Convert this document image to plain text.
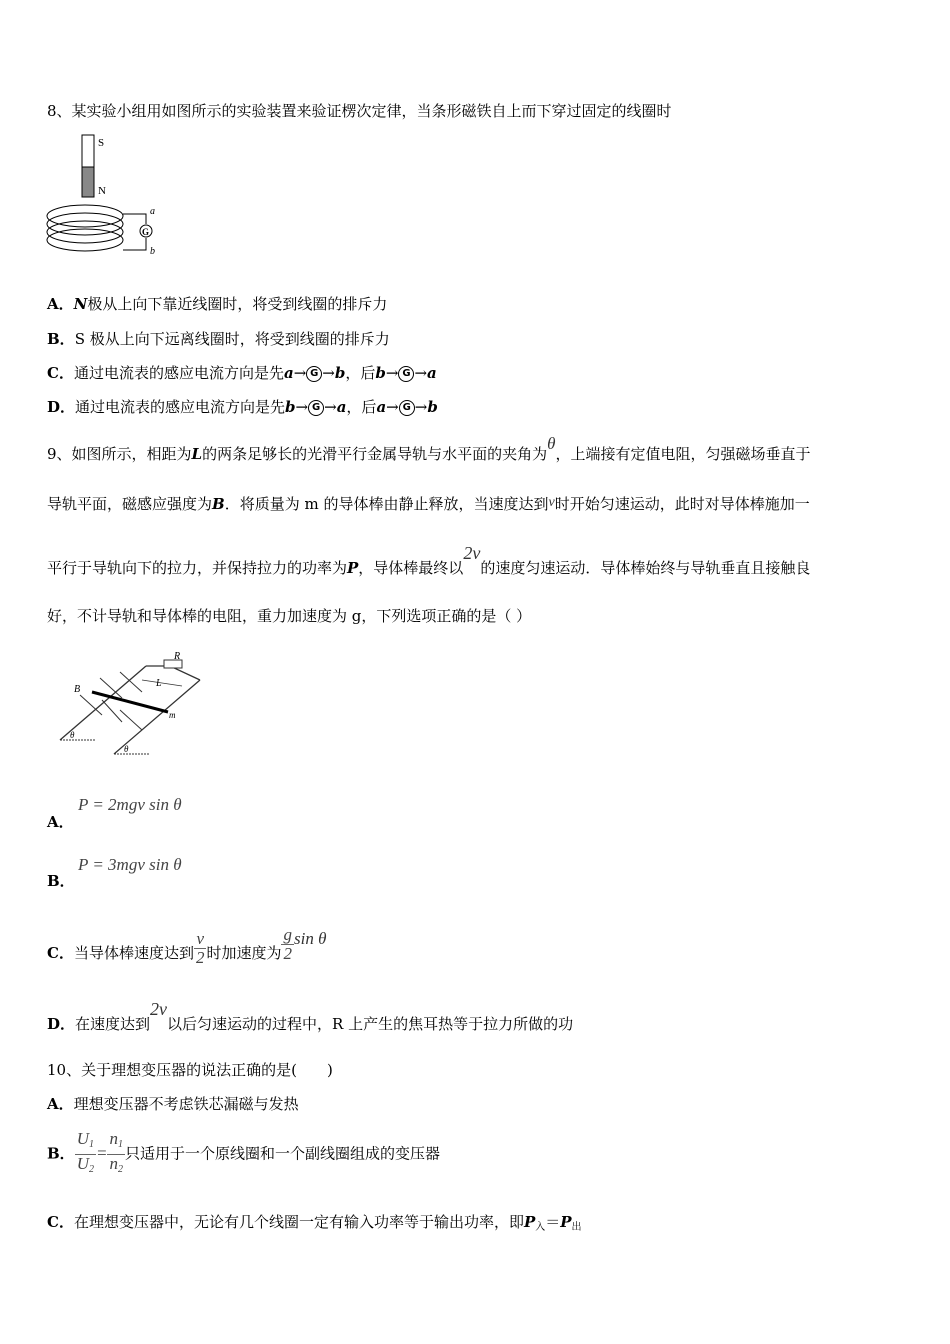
8、某实验小组用如图所示的实验装置来验证楞次定律，当条形磁铁自上而下穿过固定的线圈时
S
N
G
a
b
A．N极从上向下靠近线圈时，将受到线圈的排斥力
B．S 极从上向下远离线圈时，将受到线圈的排斥力
C．通过电流表的感应电流方向是先a→ G →b，后b→ G →a
D．通过电流表的感应电流方向是先b→ G →a，后a→ G →b
9、如图所示，相距为L的两条足够长的光滑平行金属导轨与水平面的夹角为θ，上端接有定值电阻，匀强磁场垂直于
导轨平面，磁感应强度为B．将质量为 m 的导体棒由静止释放，当速度达到v时开始匀速运动，此时对导体棒施加一
平行于导轨向下的拉力，并保持拉力的功率为P，导体棒最终以2v的速度匀速运动．导体棒始终与导轨垂直且接触良
好，不计导轨和导体棒的电阻，重力加速度为 g，下列选项正确的是（ ）
R
L
m
B
θ
θ
A．
P = 2mgv sin θ
B．
P = 3mgv sin θ
C．当导体棒速度达到 $\frac{v}{2}$ 时加速度为 $\frac{g}{2}$ sin θ
D．在速度达到2v以后匀速运动的过程中，R 上产生的焦耳热等于拉力所做的功
10、关于理想变压器的说法正确的是(　　)
A．理想变压器不考虑铁芯漏磁与发热
B． $\frac{U_1}{U_2} = \frac{n_1}{n_2}$ 只适用于一个原线圈和一个副线圈组成的变压器
C．在理想变压器中，无论有几个线圈一定有输入功率等于输出功率，即$P_入=P_出$
